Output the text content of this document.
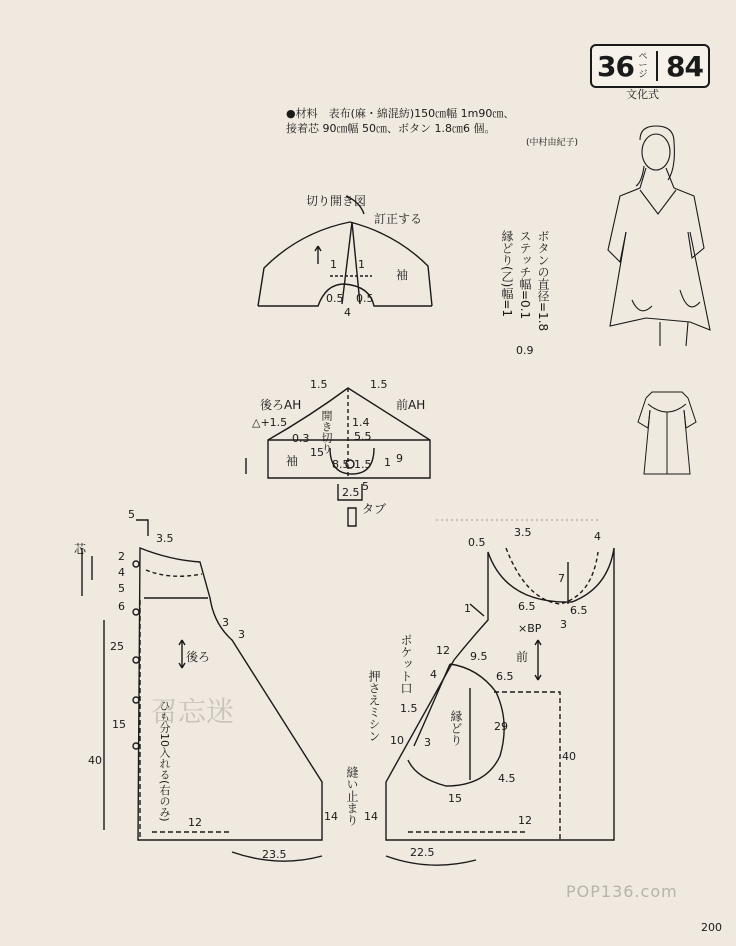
36 ページ 84
文化式
●材料　表布(麻・綿混紡)150㎝幅 1m90㎝、
接着芯 90㎝幅 50㎝、ボタン 1.8㎝6 個。
(中村由紀子)
ボタンの直径=1.8
ステッチ幅=0.1
縁どり(乙)幅=1
0.9
切り開き図
訂正する
袖
1 1
0.5 0.5
4
後ろAH	前AH
1.5	1.5
開き切り 1.4
5.5
△+1.5
0.3
袖
15
8.5 1.5 9
1
2.5 5
タブ
芯
5
3.5
2
4
5
6
3
3
25
後ろ
15
40	ひも分10入れる(右のみ)
12	14
23.5
0.5
3.5	4
7
6.5	6.5
3
×BP
1
ポケット口 12 9.5
6.5
4
前
1.5
縁どり	29
押さえミシン 10 3
4.5
15
40
縫い止まり 14	12
22.5
召忘迷
POP136.com
200
